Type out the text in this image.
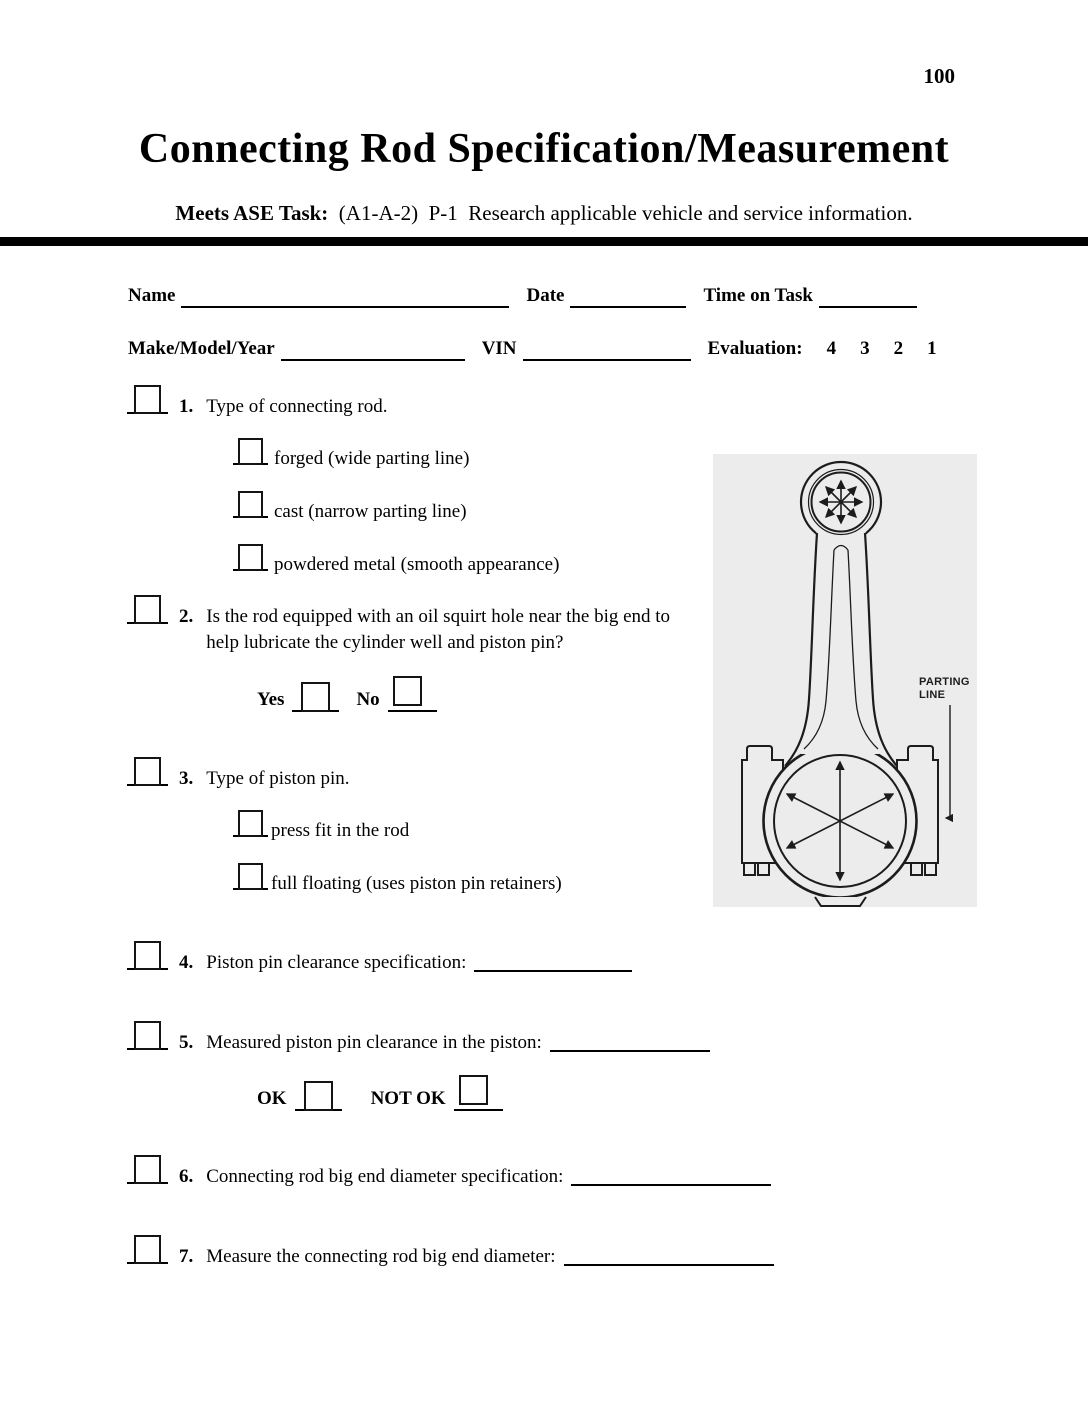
100
Connecting Rod Specification/Measurement
Meets ASE Task:  (A1-A-2)  P-1  Research applicable vehicle and service information.
Name	Date	Time on Task
Make/Model/Year	VIN	Evaluation: 4 3 2 1
1. Type of connecting rod.
forged (wide parting line)
cast (narrow parting line)
powdered metal (smooth appearance)
2. Is the rod equipped with an oil squirt hole near the big end to help lubricate the cylinder well and piston pin?
Yes	No
3. Type of piston pin.
press fit in the rod
full floating (uses piston pin retainers)
4. Piston pin clearance specification:
5. Measured piston pin clearance in the piston:
OK	NOT OK
6. Connecting rod big end diameter specification:
7. Measure the connecting rod big end diameter:
PARTING LINE
